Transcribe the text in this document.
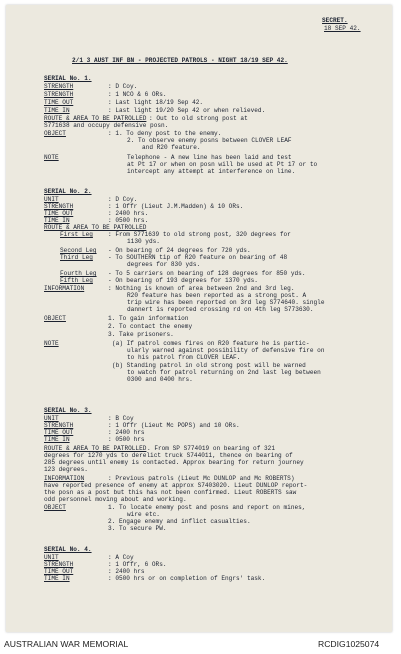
SECRET.
18 SEP 42.
2/1 3 AUST INF BN - PROJECTED PATROLS - NIGHT 18/19 SEP 42.
SERIAL No. 1.
STRENGTH	: D Coy.
STRENGTH	: 1 NCO & 6 ORs.
TIME OUT	: Last light 18/19 Sep 42.
TIME IN	: Last light 19/20 Sep 42 or when relieved.
ROUTE & AREA TO BE PATROLLED : Out to old strong post at
S771638 and occupy defensive posn.
OBJECT	: 1. To deny post to the enemy.
2. To observe enemy posns between CLOVER LEAF
and R20 feature.
NOTE	Telephone - A new line has been laid and test
at Pt 17 or when on posn will be used at Pt 17 or to
intercept any attempt at interference on line.
SERIAL No. 2.
UNIT	: D Coy.
STRENGTH	: 1 Offr (Lieut J.M.Madden) & 10 ORs.
TIME OUT	: 2400 hrs.
TIME IN	: 0500 hrs.
ROUTE & AREA TO BE PATROLLED
First Leg : From S771639 to old strong post, 320 degrees for
1130 yds.
Second Leg - On bearing of 24 degrees for 720 yds.
Third Leg - To SOUTHERN tip of R20 feature on bearing of 48
degrees for 830 yds.
Fourth Leg - To 5 carriers on bearing of 128 degrees for 850 yds.
Fifth Leg - On bearing of 193 degrees for 1370 yds.
INFORMATION	: Nothing is known of area between 2nd and 3rd leg.
R20 feature has been reported as a strong post. A
trip wire has been reported on 3rd leg S774640. single
dannert is reported crossing rd on 4th leg S773630.
OBJECT	1. To gain information
2. To contact the enemy
3. Take prisoners.
NOTE	(a) If patrol comes fires on R20 feature he is partic-
ularly warned against possibility of defensive fire on
to his patrol from CLOVER LEAF.
(b) Standing patrol in old strong post will be warned
to watch for patrol returning on 2nd last leg between
0300 and 0400 hrs.
SERIAL No. 3.
UNIT	: B Coy
STRENGTH	: 1 Offr (Lieut Mc POPS) and 10 ORs.
TIME OUT	: 2400 hrs
TIME IN	: 0500 hrs
ROUTE & AREA TO BE PATROLLED . From SP S774019 on bearing of 321
degrees for 1270 yds to derelict truck S744011, thence on bearing of
285 degrees until enemy is contacted. Approx bearing for return journey
123 degrees.
INFORMATION	: Previous patrols (Lieut Mc DUNLOP and Mc ROBERTS)
have reported presence of enemy at approx S7403020. Lieut DUNLOP report-
the posn as a post but this has not been confirmed. Lieut ROBERTS saw
odd personnel moving about and working.
OBJECT	1. To locate enemy post and posns and report on mines,
wire etc.
2. Engage enemy and inflict casualties.
3. To secure PW.
SERIAL No. 4.
UNIT	: A Coy
STRENGTH	: 1 Offr, 6 ORs.
TIME OUT	: 2400 hrs
TIME IN	: 0500 hrs or on completion of Engrs' task.
AUSTRALIAN WAR MEMORIAL	RCDIG1025074
